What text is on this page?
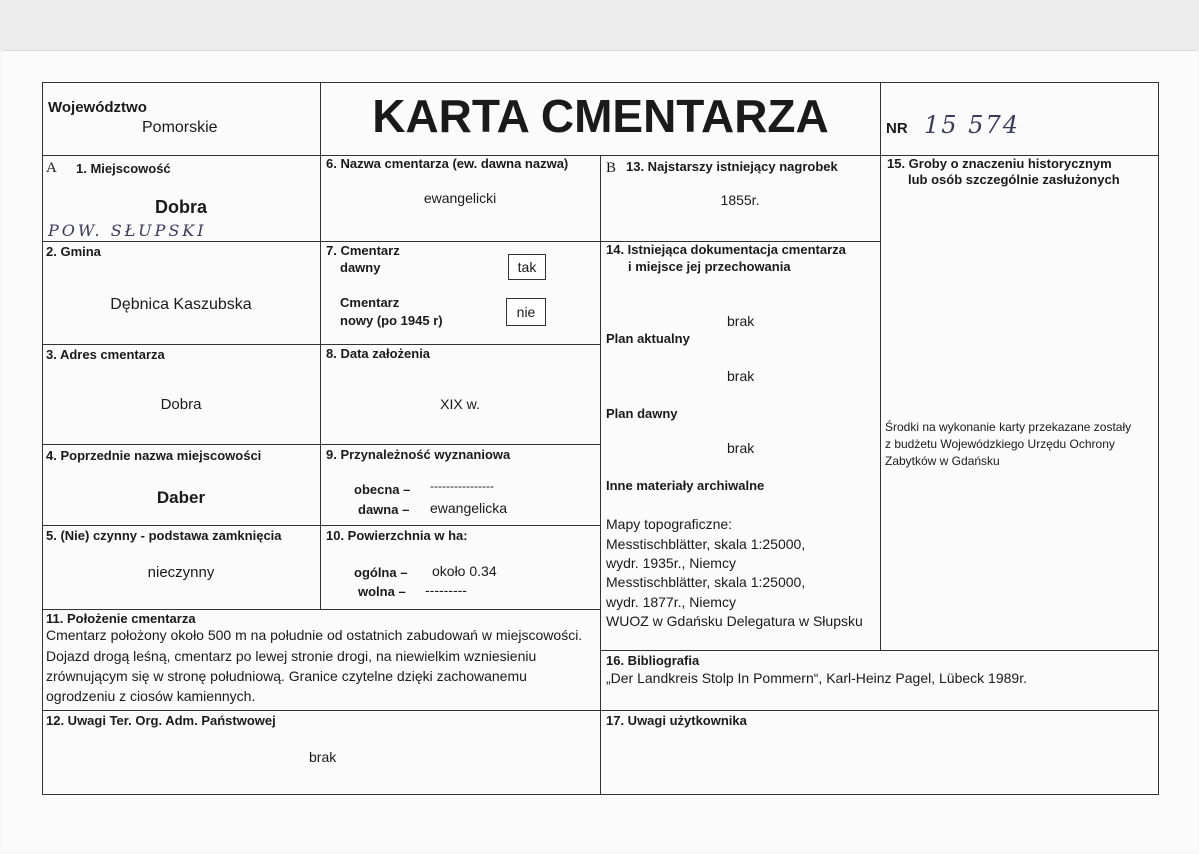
Województwo
Pomorskie	KARTA CMENTARZA	NR 15 574
A 1. Miejscowość
Dobra
POW. SŁUPSKI
2. Gmina
Dębnica Kaszubska
3. Adres cmentarza
Dobra
4. Poprzednie nazwa miejscowości
Daber
5. (Nie) czynny - podstawa zamknięcia
nieczynny
6. Nazwa cmentarza (ew. dawna nazwa)
ewangelicki
7. Cmentarz
dawny	tak
Cmentarz
nowy (po 1945 r)
nie
8. Data założenia
XIX w.
9. Przynależność wyznaniowa
obecna – ----------------
dawna – ewangelicka
10. Powierzchnia w ha:
ogólna – około 0.34
wolna – ---------
11. Położenie cmentarza
Cmentarz położony około 500 m na południe od ostatnich zabudowań w miejscowości.
Dojazd drogą leśną, cmentarz po lewej stronie drogi, na niewielkim wzniesieniu
zrównującym się w stronę południową. Granice czytelne dzięki zachowanemu
ogrodzeniu z ciosów kamiennych.
12. Uwagi Ter. Org. Adm. Państwowej
brak
B 13. Najstarszy istniejący nagrobek
1855r.
14. Istniejąca dokumentacja cmentarza
i miejsce jej przechowania
brak
Plan aktualny
brak
Plan dawny
brak
Inne materiały archiwalne
Mapy topograficzne:
Messtischblätter, skala 1:25000,
wydr. 1935r., Niemcy
Messtischblätter, skala 1:25000,
wydr. 1877r., Niemcy
WUOZ w Gdańsku Delegatura w Słupsku
15. Groby o znaczeniu historycznym
lub osób szczególnie zasłużonych
Środki na wykonanie karty przekazane zostały
z budżetu Wojewódzkiego Urzędu Ochrony
Zabytków w Gdańsku
16. Bibliografia
„Der Landkreis Stolp In Pommern“, Karl-Heinz Pagel, Lübeck 1989r.
17. Uwagi użytkownika
